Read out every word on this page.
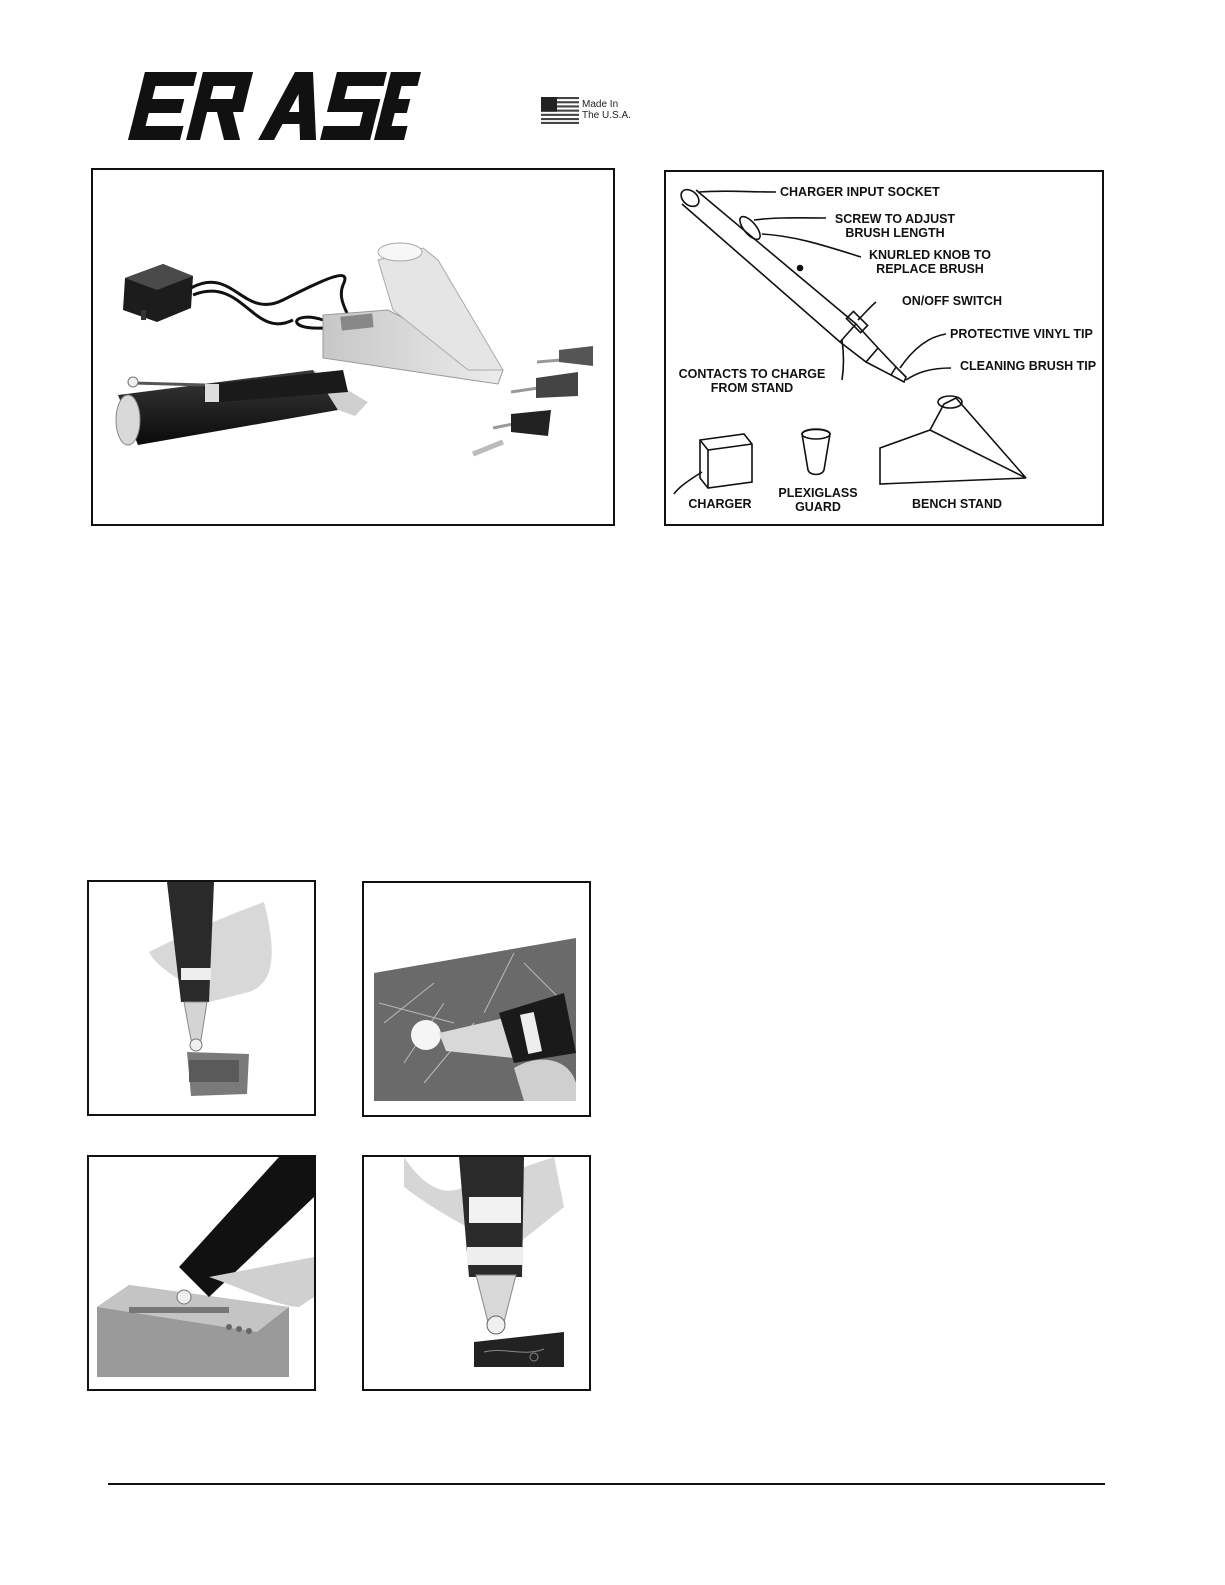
Made In
The U.S.A.
CHARGER INPUT SOCKET
SCREW TO ADJUST
BRUSH LENGTH
KNURLED KNOB TO
REPLACE BRUSH
ON/OFF SWITCH
PROTECTIVE VINYL TIP
CLEANING BRUSH TIP
CONTACTS TO CHARGE
FROM STAND
CHARGER
PLEXIGLASS
GUARD	BENCH STAND
